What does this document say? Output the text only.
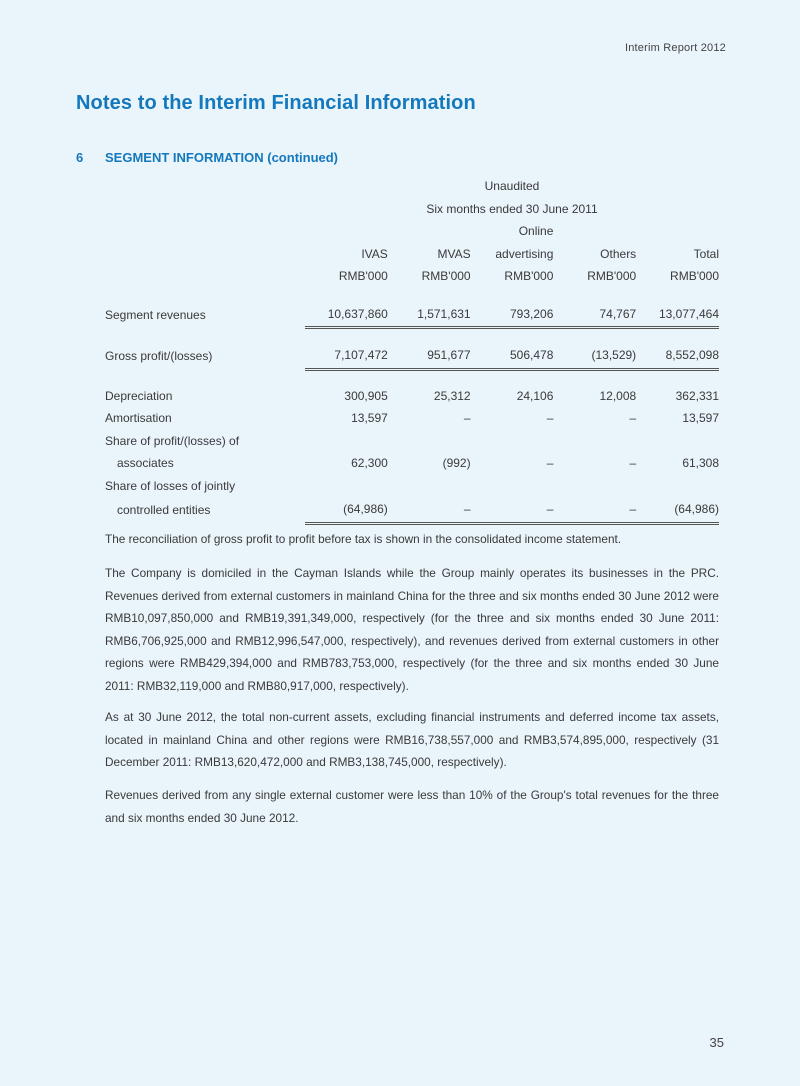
Interim Report 2012
Notes to the Interim Financial Information
6 SEGMENT INFORMATION (continued)
	Unaudited				
	Six months ended 30 June 2011				
			Online		
	IVAS	MVAS	advertising	Others	Total
	RMB'000	RMB'000	RMB'000	RMB'000	RMB'000

Segment revenues	10,637,860	1,571,631	793,206	74,767	13,077,464

Gross profit/(losses)	7,107,472	951,677	506,478	(13,529)	8,552,098

Depreciation	300,905	25,312	24,106	12,008	362,331
Amortisation	13,597	–	–	–	13,597
Share of profit/(losses) of					
associates	62,300	(992)	–	–	61,308
Share of losses of jointly					
controlled entities	(64,986)	–	–	–	(64,986)

The reconciliation of gross profit to profit before tax is shown in the consolidated income statement.

The Company is domiciled in the Cayman Islands while the Group mainly operates its businesses in the PRC. Revenues derived from external customers in mainland China for the three and six months ended 30 June 2012 were RMB10,097,850,000 and RMB19,391,349,000, respectively (for the three and six months ended 30 June 2011: RMB6,706,925,000 and RMB12,996,547,000, respectively), and revenues derived from external customers in other regions were RMB429,394,000 and RMB783,753,000, respectively (for the three and six months ended 30 June 2011: RMB32,119,000 and RMB80,917,000, respectively).

As at 30 June 2012, the total non-current assets, excluding financial instruments and deferred income tax assets, located in mainland China and other regions were RMB16,738,557,000 and RMB3,574,895,000, respectively (31 December 2011: RMB13,620,472,000 and RMB3,138,745,000, respectively).

Revenues derived from any single external customer were less than 10% of the Group's total revenues for the three and six months ended 30 June 2012.

35
